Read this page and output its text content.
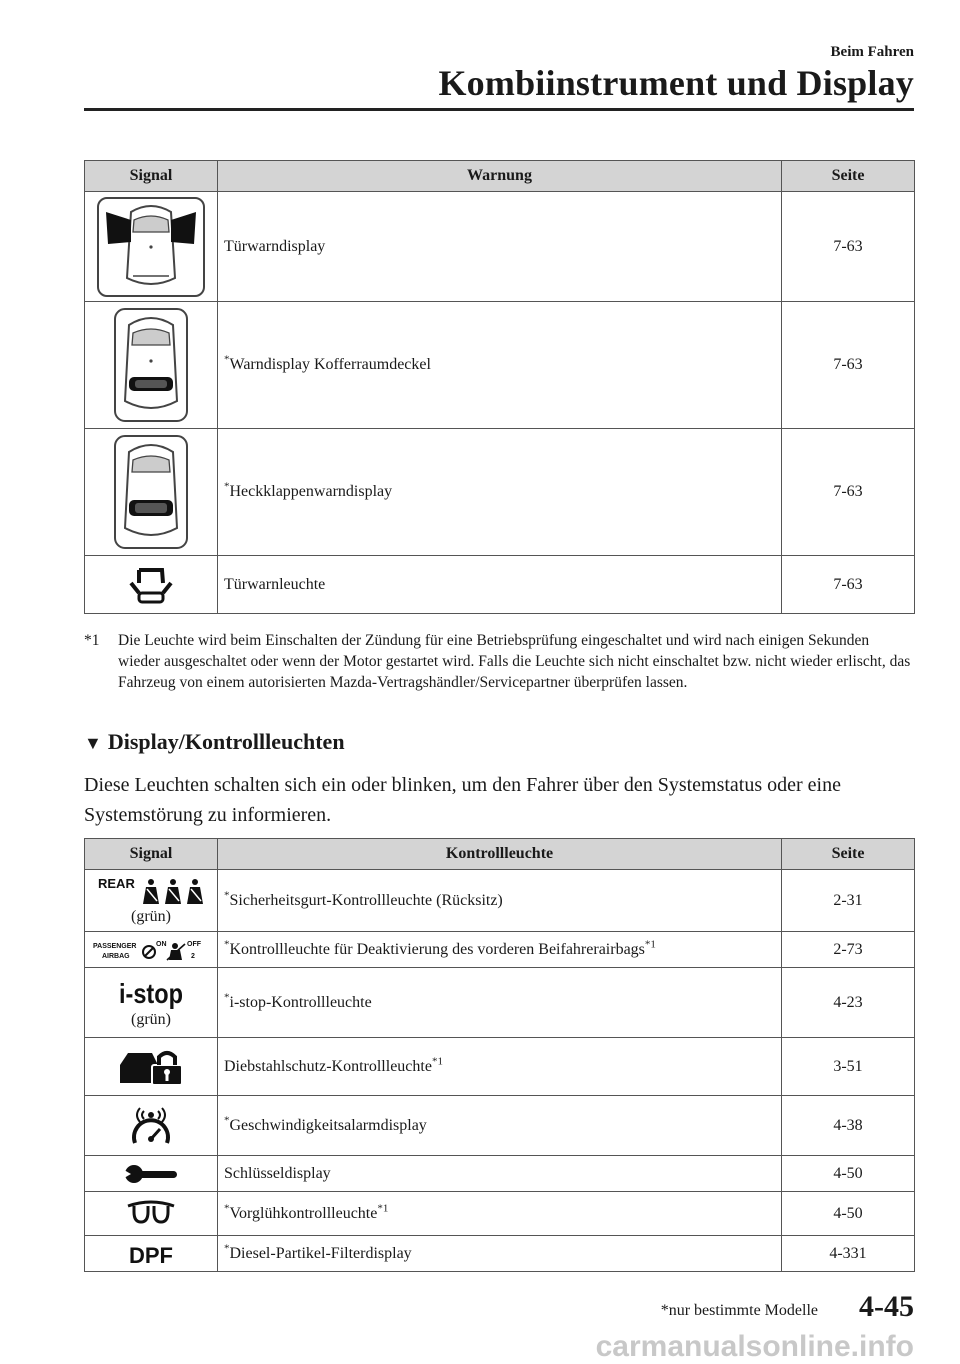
Beim Fahren
Kombiinstrument und Display
Signal	Warnung	Seite

	Türwarndisplay	7-63

	*Warndisplay Kofferraumdeckel	7-63

	*Heckklappenwarndisplay	7-63

	Türwarnleuchte	7-63
*1 Die Leuchte wird beim Einschalten der Zündung für eine Betriebsprüfung eingeschaltet und wird nach einigen Sekunden wieder ausgeschaltet oder wenn der Motor gestartet wird. Falls die Leuchte sich nicht einschaltet bzw. nicht wieder erlischt, das Fahrzeug von einem autorisierten Mazda-Vertragshändler/Servicepartner überprüfen lassen.
▼ Display/Kontrollleuchten
Diese Leuchten schalten sich ein oder blinken, um den Fahrer über den Systemstatus oder eine Systemstörung zu informieren.
Signal	Kontrollleuchte	Seite

REAR
(grün)	*Sicherheitsgurt-Kontrollleuchte (Rücksitz)	2-31

PASSENGER
AIRBAG
ON OFF
2	*Kontrollleuchte für Deaktivierung des vorderen Beifahrerairbags$^{*1}$	2-73

i-stop
(grün)	*i-stop-Kontrollleuchte	4-23

	Diebstahlschutz-Kontrollleuchte$^{*1}$	3-51

	*Geschwindigkeitsalarmdisplay	4-38

	Schlüsseldisplay	4-50

	*Vorglühkontrollleuchte$^{*1}$	4-50

DPF	*Diesel-Partikel-Filterdisplay	4-331
*nur bestimmte Modelle 4-45
carmanualsonline.info
